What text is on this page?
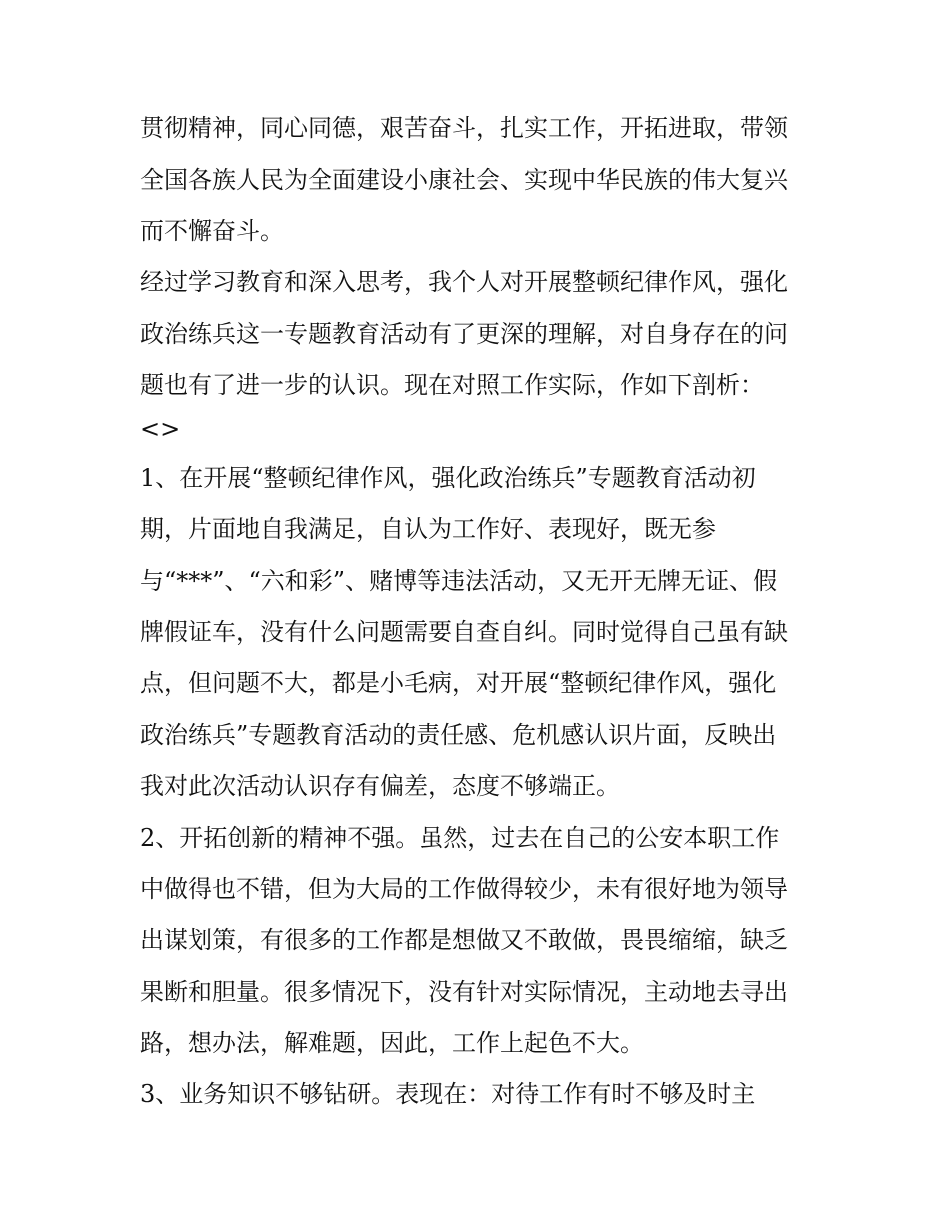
贯彻精神，同心同德，艰苦奋斗，扎实工作，开拓进取，带领
全国各族人民为全面建设小康社会、实现中华民族的伟大复兴
而不懈奋斗。
经过学习教育和深入思考，我个人对开展整顿纪律作风，强化
政治练兵这一专题教育活动有了更深的理解，对自身存在的问
题也有了进一步的认识。现在对照工作实际，作如下剖析：
<>
1、在开展“整顿纪律作风，强化政治练兵”专题教育活动初
期，片面地自我满足，自认为工作好、表现好，既无参
与“***”、“六和彩”、赌博等违法活动，又无开无牌无证、假
牌假证车，没有什么问题需要自查自纠。同时觉得自己虽有缺
点，但问题不大，都是小毛病，对开展“整顿纪律作风，强化
政治练兵”专题教育活动的责任感、危机感认识片面，反映出
我对此次活动认识存有偏差，态度不够端正。
2、开拓创新的精神不强。虽然，过去在自己的公安本职工作
中做得也不错，但为大局的工作做得较少，未有很好地为领导
出谋划策，有很多的工作都是想做又不敢做，畏畏缩缩，缺乏
果断和胆量。很多情况下，没有针对实际情况，主动地去寻出
路，想办法，解难题，因此，工作上起色不大。
3、业务知识不够钻研。表现在：对待工作有时不够及时主
